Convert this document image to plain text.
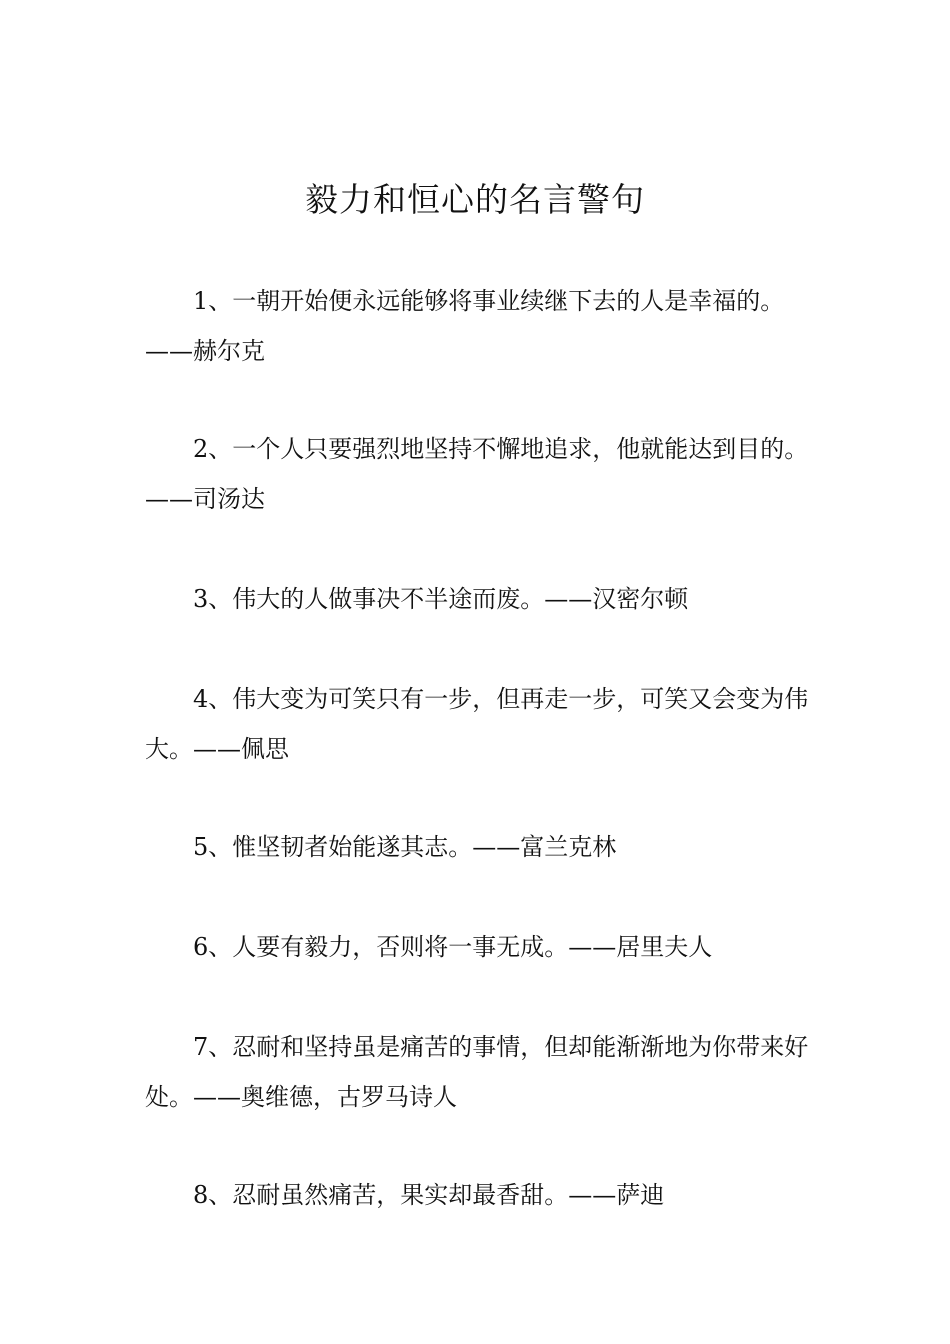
毅力和恒心的名言警句

1、一朝开始便永远能够将事业续继下去的人是幸福的。——赫尔克

2、一个人只要强烈地坚持不懈地追求，他就能达到目的。——司汤达

3、伟大的人做事决不半途而废。——汉密尔顿

4、伟大变为可笑只有一步，但再走一步，可笑又会变为伟大。——佩思

5、惟坚韧者始能遂其志。——富兰克林

6、人要有毅力，否则将一事无成。——居里夫人

7、忍耐和坚持虽是痛苦的事情，但却能渐渐地为你带来好处。——奥维德，古罗马诗人

8、忍耐虽然痛苦，果实却最香甜。——萨迪
